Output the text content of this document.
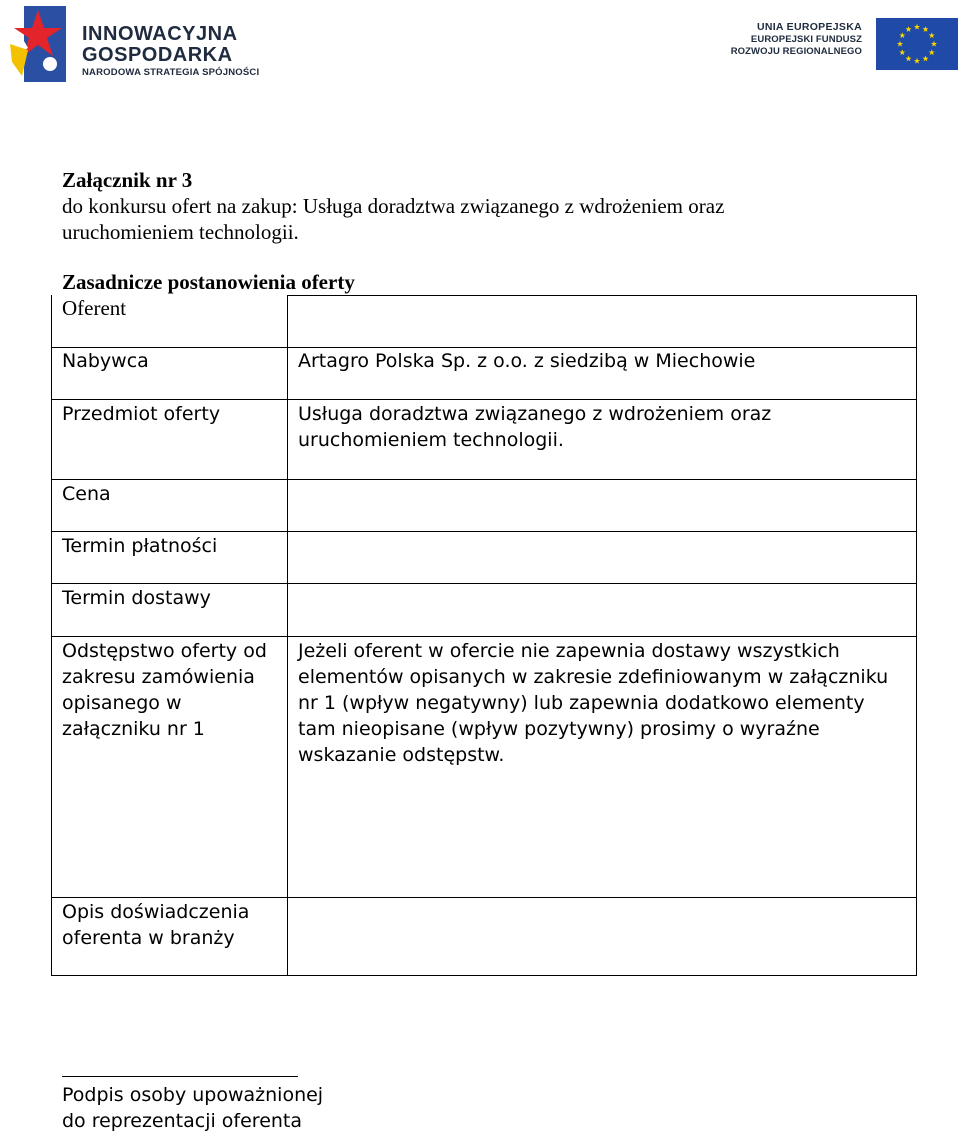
INNOWACYJNA
GOSPODARKA
NARODOWA STRATEGIA SPÓJNOŚCI
UNIA EUROPEJSKA
EUROPEJSKI FUNDUSZ
ROZWOJU REGIONALNEGO
Załącznik nr 3
do konkursu ofert na zakup: Usługa doradztwa związanego z wdrożeniem oraz
uruchomieniem technologii.
Zasadnicze postanowienia oferty
Oferent
Nabywca	Artagro Polska Sp. z o.o. z siedzibą w Miechowie
Przedmiot oferty	Usługa doradztwa związanego z wdrożeniem oraz uruchomieniem technologii.
Cena
Termin płatności
Termin dostawy
Odstępstwo oferty od zakresu zamówienia opisanego w załączniku nr 1
Jeżeli oferent w ofercie nie zapewnia dostawy wszystkich elementów opisanych w zakresie zdefiniowanym w załączniku nr 1 (wpływ negatywny) lub zapewnia dodatkowo elementy tam nieopisane (wpływ pozytywny) prosimy o wyraźne wskazanie odstępstw.
Opis doświadczenia oferenta w branży
Podpis osoby upoważnionej
do reprezentacji oferenta
